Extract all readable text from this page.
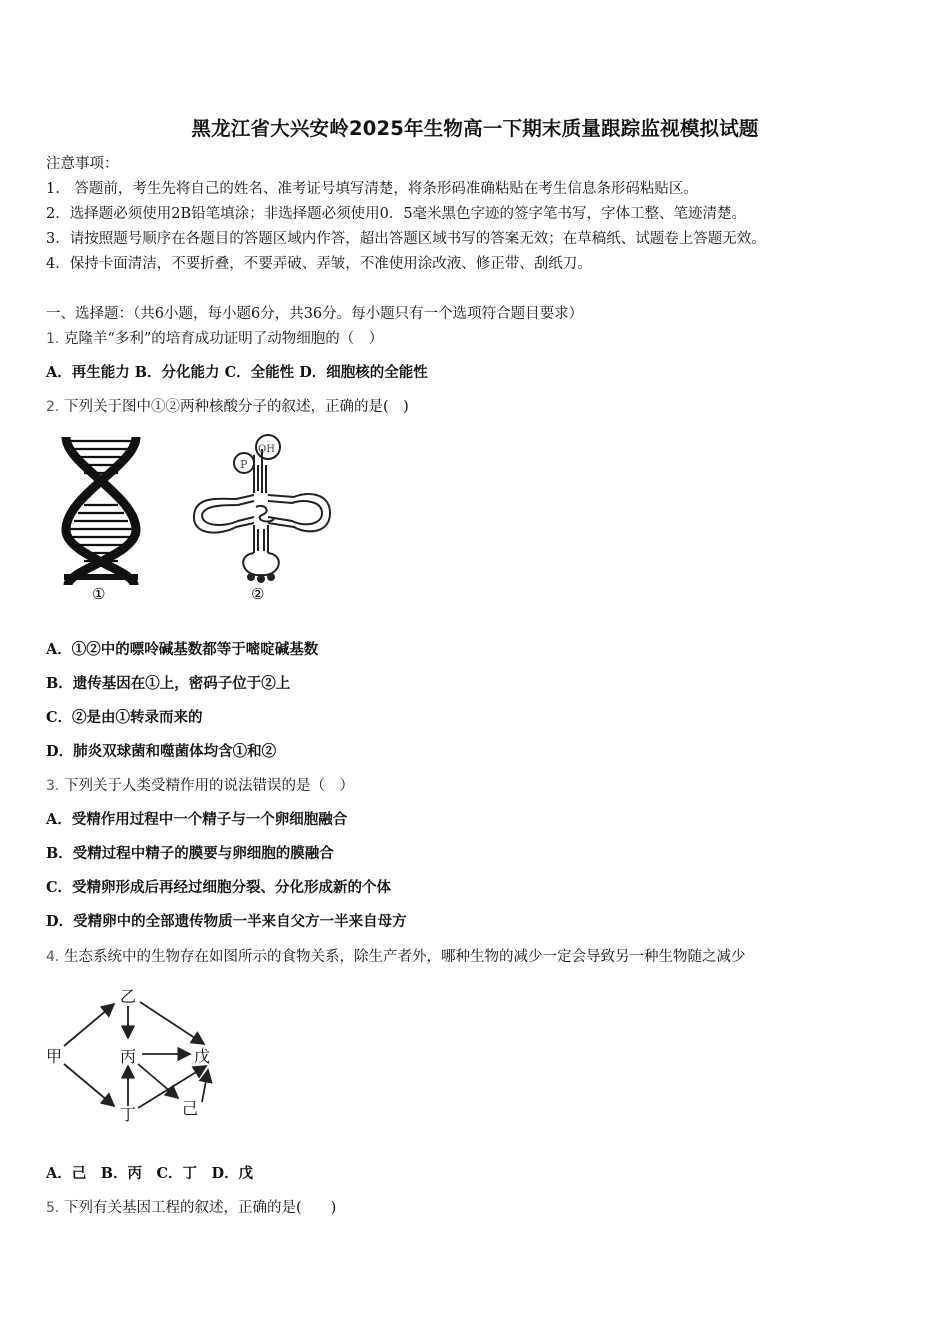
黑龙江省大兴安岭2025年生物高一下期末质量跟踪监视模拟试题
注意事项：
1.　答题前，考生先将自己的姓名、准考证号填写清楚，将条形码准确粘贴在考生信息条形码粘贴区。
2．选择题必须使用2B铅笔填涂；非选择题必须使用0．5毫米黑色字迹的签字笔书写，字体工整、笔迹清楚。
3．请按照题号顺序在各题目的答题区域内作答，超出答题区域书写的答案无效；在草稿纸、试题卷上答题无效。
4．保持卡面清洁，不要折叠，不要弄破、弄皱，不准使用涂改液、修正带、刮纸刀。
一、选择题：（共6小题，每小题6分，共36分。每小题只有一个选项符合题目要求）
1. 克隆羊“多利”的培育成功证明了动物细胞的（　）
A．再生能力 B．分化能力 C．全能性 D．细胞核的全能性
2. 下列关于图中①②两种核酸分子的叙述，正确的是(　)
①
P
OH
②
A．①②中的嘌呤碱基数都等于嘧啶碱基数
B．遗传基因在①上，密码子位于②上
C．②是由①转录而来的
D．肺炎双球菌和噬菌体均含①和②
3. 下列关于人类受精作用的说法错误的是（　）
A．受精作用过程中一个精子与一个卵细胞融合
B．受精过程中精子的膜要与卵细胞的膜融合
C．受精卵形成后再经过细胞分裂、分化形成新的个体
D．受精卵中的全部遗传物质一半来自父方一半来自母方
4. 生态系统中的生物存在如图所示的食物关系，除生产者外，哪种生物的减少一定会导致另一种生物随之减少
乙
甲	丙	戊
丁	己
A．己　B．丙　C．丁　D．戊
5. 下列有关基因工程的叙述，正确的是(　　)
